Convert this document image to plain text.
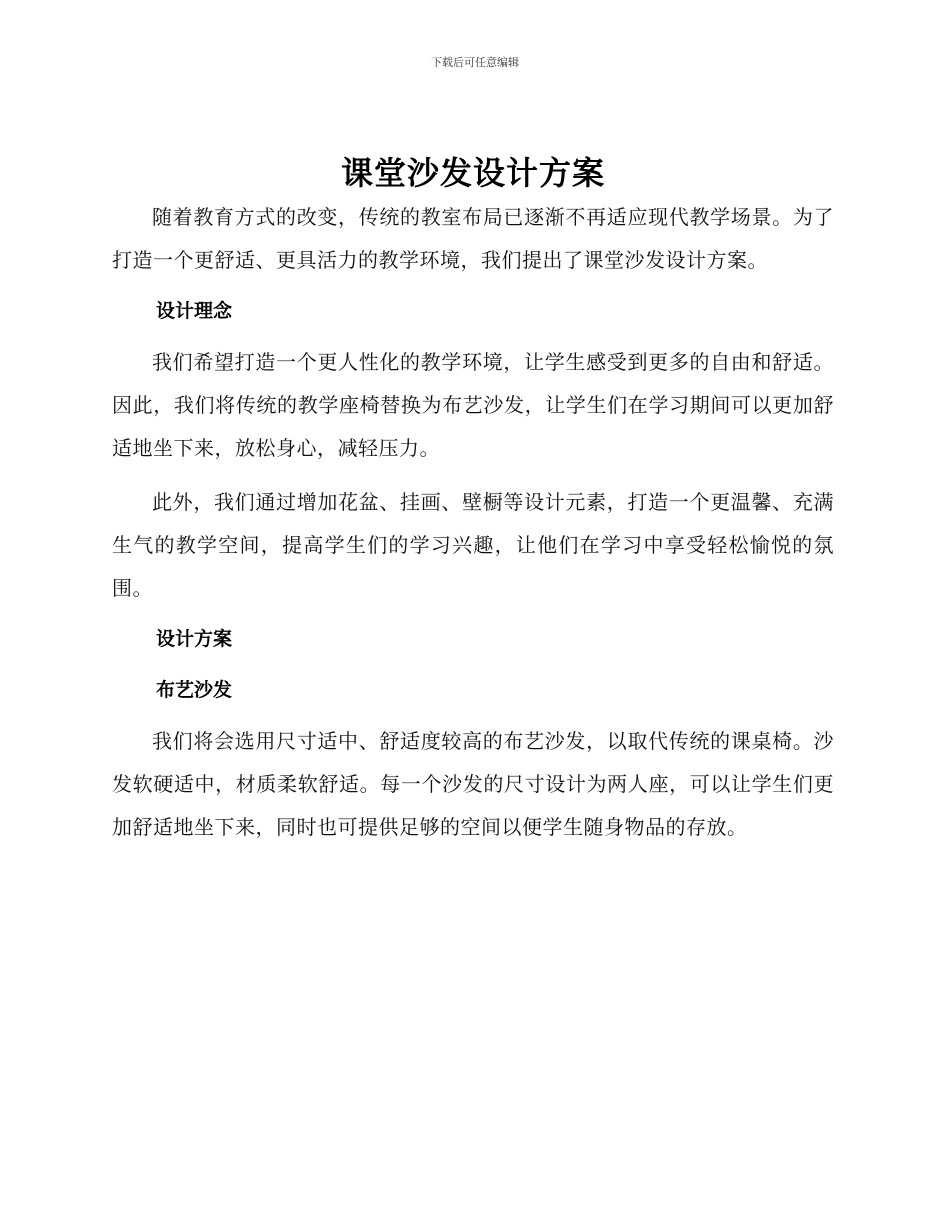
下载后可任意编辑
课堂沙发设计方案

随着教育方式的改变，传统的教室布局已逐渐不再适应现代教学场景。为了打造一个更舒适、更具活力的教学环境，我们提出了课堂沙发设计方案。

设计理念

我们希望打造一个更人性化的教学环境，让学生感受到更多的自由和舒适。因此，我们将传统的教学座椅替换为布艺沙发，让学生们在学习期间可以更加舒适地坐下来，放松身心，减轻压力。

此外，我们通过增加花盆、挂画、壁橱等设计元素，打造一个更温馨、充满生气的教学空间，提高学生们的学习兴趣，让他们在学习中享受轻松愉悦的氛围。

设计方案
布艺沙发

我们将会选用尺寸适中、舒适度较高的布艺沙发，以取代传统的课桌椅。沙发软硬适中，材质柔软舒适。每一个沙发的尺寸设计为两人座，可以让学生们更加舒适地坐下来，同时也可提供足够的空间以便学生随身物品的存放。
